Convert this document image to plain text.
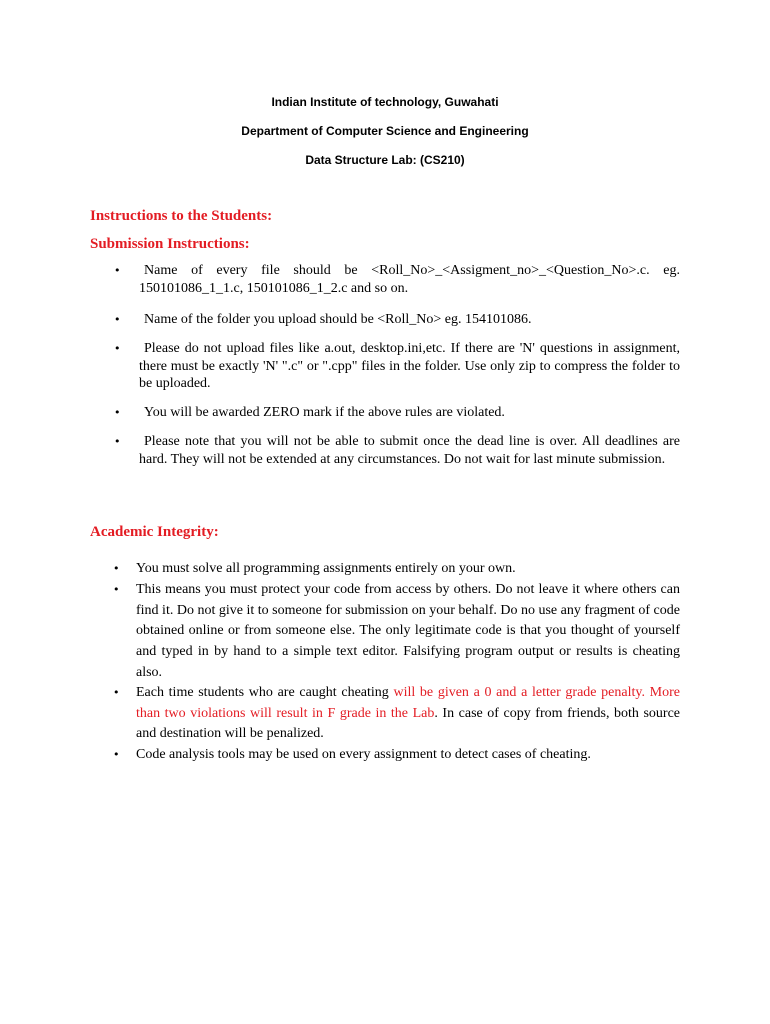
Indian Institute of technology, Guwahati
Department of Computer Science and Engineering
Data Structure Lab: (CS210)
Instructions to the Students:
Submission Instructions:
•	Name of every file should be <Roll_No>_<Assigment_no>_<Question_No>.c. eg. 150101086_1_1.c, 150101086_1_2.c and so on.
•	Name of the folder you upload should be <Roll_No> eg. 154101086.
•	Please do not upload files like a.out, desktop.ini,etc. If there are 'N' questions in assignment, there must be exactly 'N' ".c" or ".cpp" files in the folder. Use only zip to compress the folder to be uploaded.
•	You will be awarded ZERO mark if the above rules are violated.
•	Please note that you will not be able to submit once the dead line is over. All deadlines are hard. They will not be extended at any circumstances. Do not wait for last minute submission.
Academic Integrity:
• You must solve all programming assignments entirely on your own.
• This means you must protect your code from access by others. Do not leave it where others can find it. Do not give it to someone for submission on your behalf. Do no use any fragment of code obtained online or from someone else. The only legitimate code is that you thought of yourself and typed in by hand to a simple text editor. Falsifying program output or results is cheating also.
• Each time students who are caught cheating will be given a 0 and a letter grade penalty. More than two violations will result in F grade in the Lab. In case of copy from friends, both source and destination will be penalized.
• Code analysis tools may be used on every assignment to detect cases of cheating.
